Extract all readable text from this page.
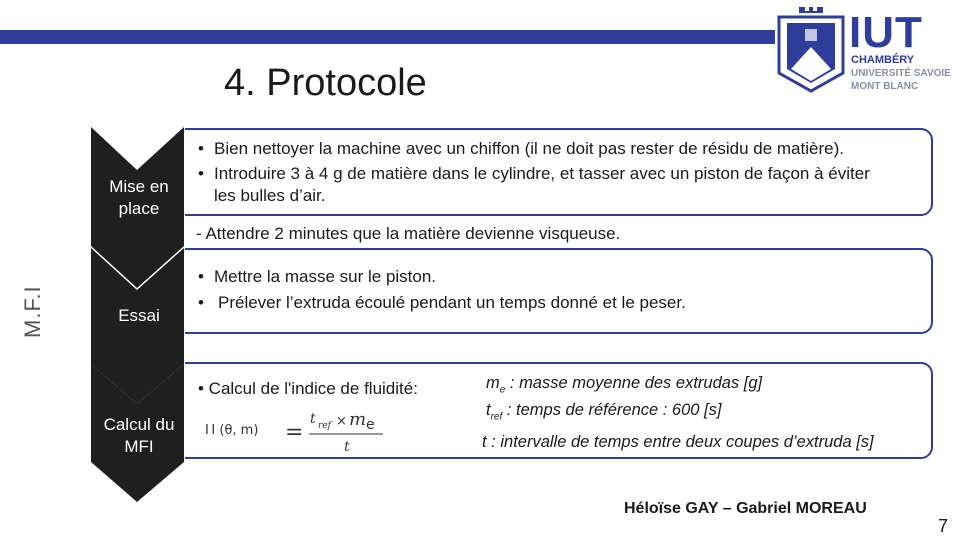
IUT
CHAMBÉRY
UNIVERSITÉ SAVOIE
MONT BLANC
4. Protocole
M.F.I
Mise en
place
Essai
Calcul du
MFI
• Bien nettoyer la machine avec un chiffon (il ne doit pas rester de résidu de matière).
• Introduire 3 à 4 g de matière dans le cylindre, et tasser avec un piston de façon à éviter
les bulles d’air.
- Attendre 2 minutes que la matière devienne visqueuse.
• Mettre la masse sur le piston.
• Prélever l’extruda écoulé pendant un temps donné et le peser.
• Calcul de l'indice de fluidité:
I I (θ, m) =
t ref × m e
t
$m_e$ : masse moyenne des extrudas [g]
$t_{ref}$ : temps de référence : 600 [s]
t : intervalle de temps entre deux coupes d’extruda [s]
Héloïse GAY – Gabriel MOREAU
7
